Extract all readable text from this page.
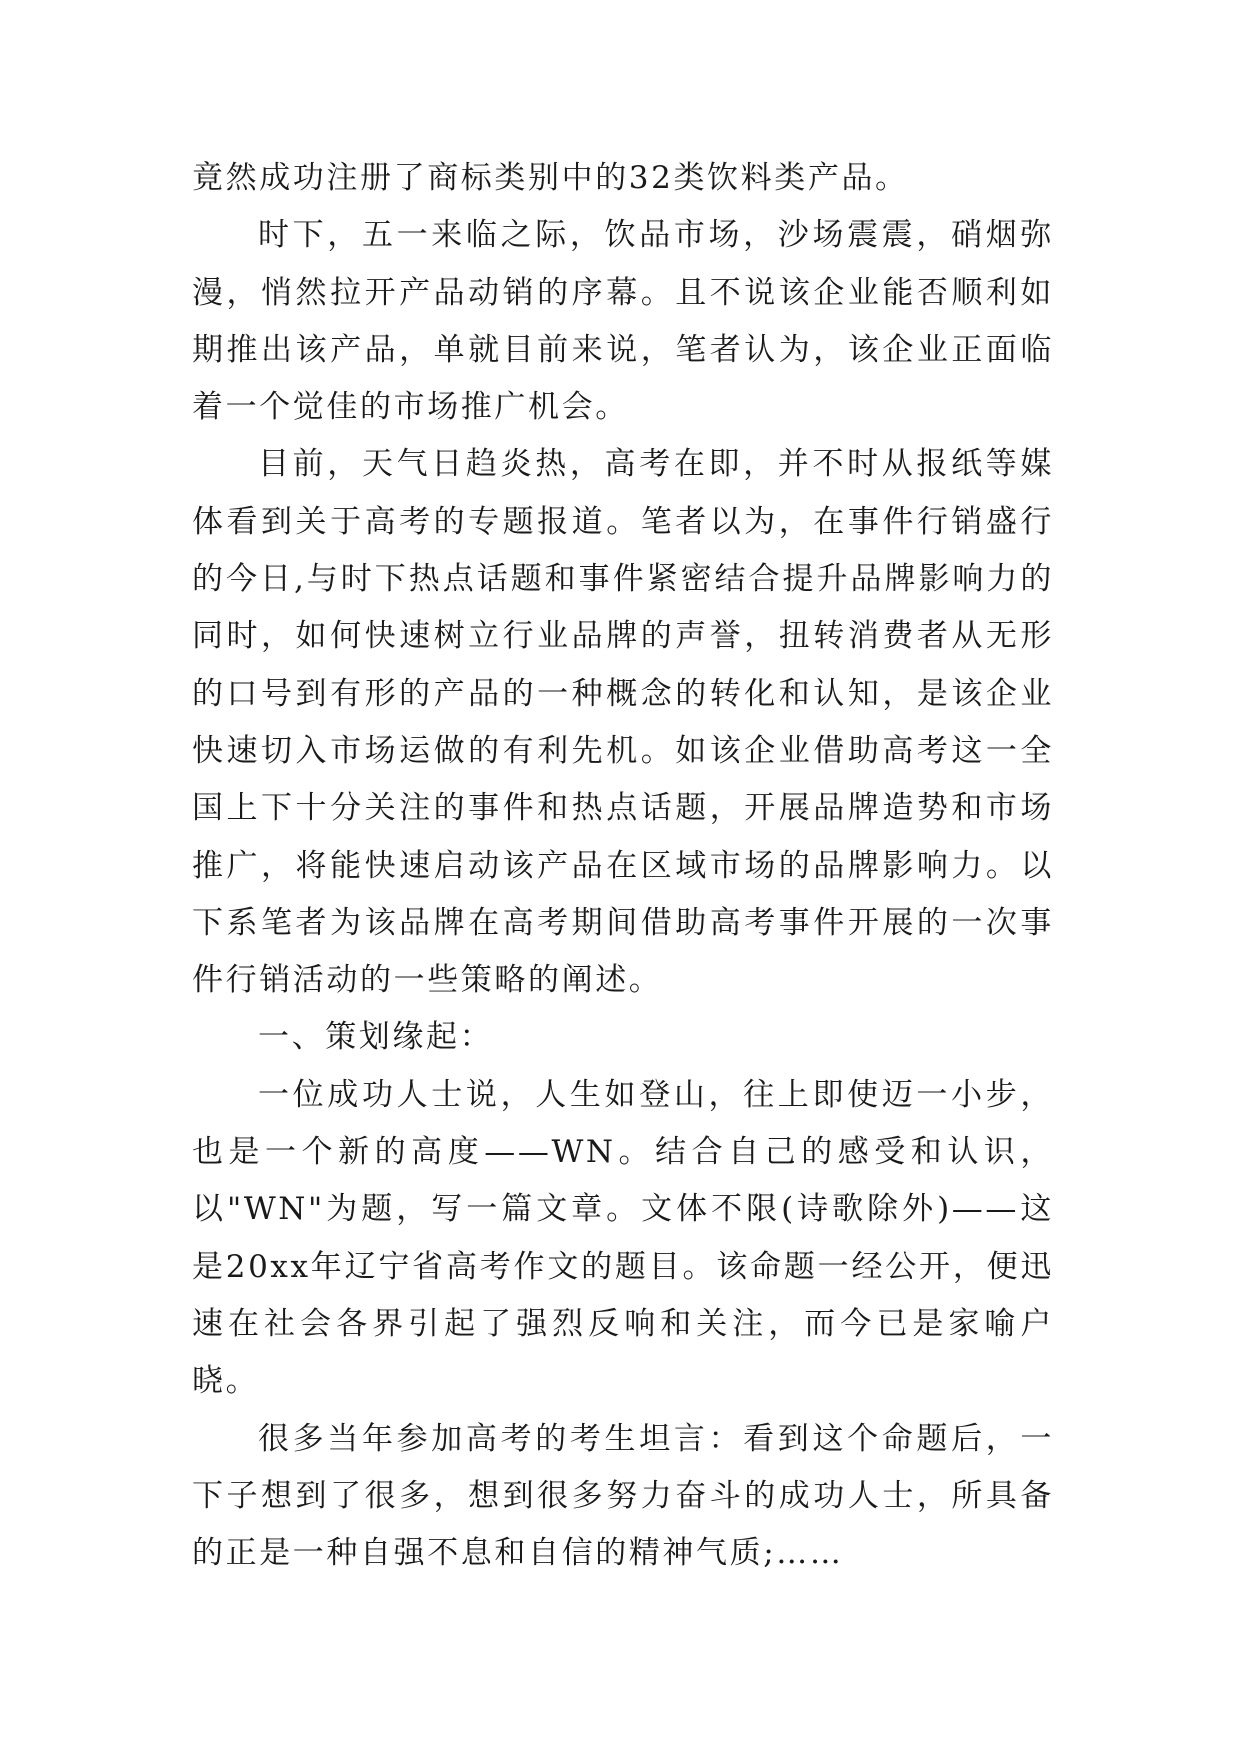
竟然成功注册了商标类别中的32类饮料类产品。

时下，五一来临之际，饮品市场，沙场震震，硝烟弥漫，悄然拉开产品动销的序幕。且不说该企业能否顺利如期推出该产品，单就目前来说，笔者认为，该企业正面临着一个觉佳的市场推广机会。

目前，天气日趋炎热，高考在即，并不时从报纸等媒体看到关于高考的专题报道。笔者以为，在事件行销盛行的今日,与时下热点话题和事件紧密结合提升品牌影响力的同时，如何快速树立行业品牌的声誉，扭转消费者从无形的口号到有形的产品的一种概念的转化和认知，是该企业快速切入市场运做的有利先机。如该企业借助高考这一全国上下十分关注的事件和热点话题，开展品牌造势和市场推广，将能快速启动该产品在区域市场的品牌影响力。以下系笔者为该品牌在高考期间借助高考事件开展的一次事件行销活动的一些策略的阐述。

一、策划缘起：

一位成功人士说，人生如登山，往上即使迈一小步，也是一个新的高度——WN。结合自己的感受和认识，以"WN"为题，写一篇文章。文体不限(诗歌除外)——这是20xx年辽宁省高考作文的题目。该命题一经公开，便迅速在社会各界引起了强烈反响和关注，而今已是家喻户晓。

很多当年参加高考的考生坦言：看到这个命题后，一下子想到了很多，想到很多努力奋斗的成功人士，所具备的正是一种自强不息和自信的精神气质;……
